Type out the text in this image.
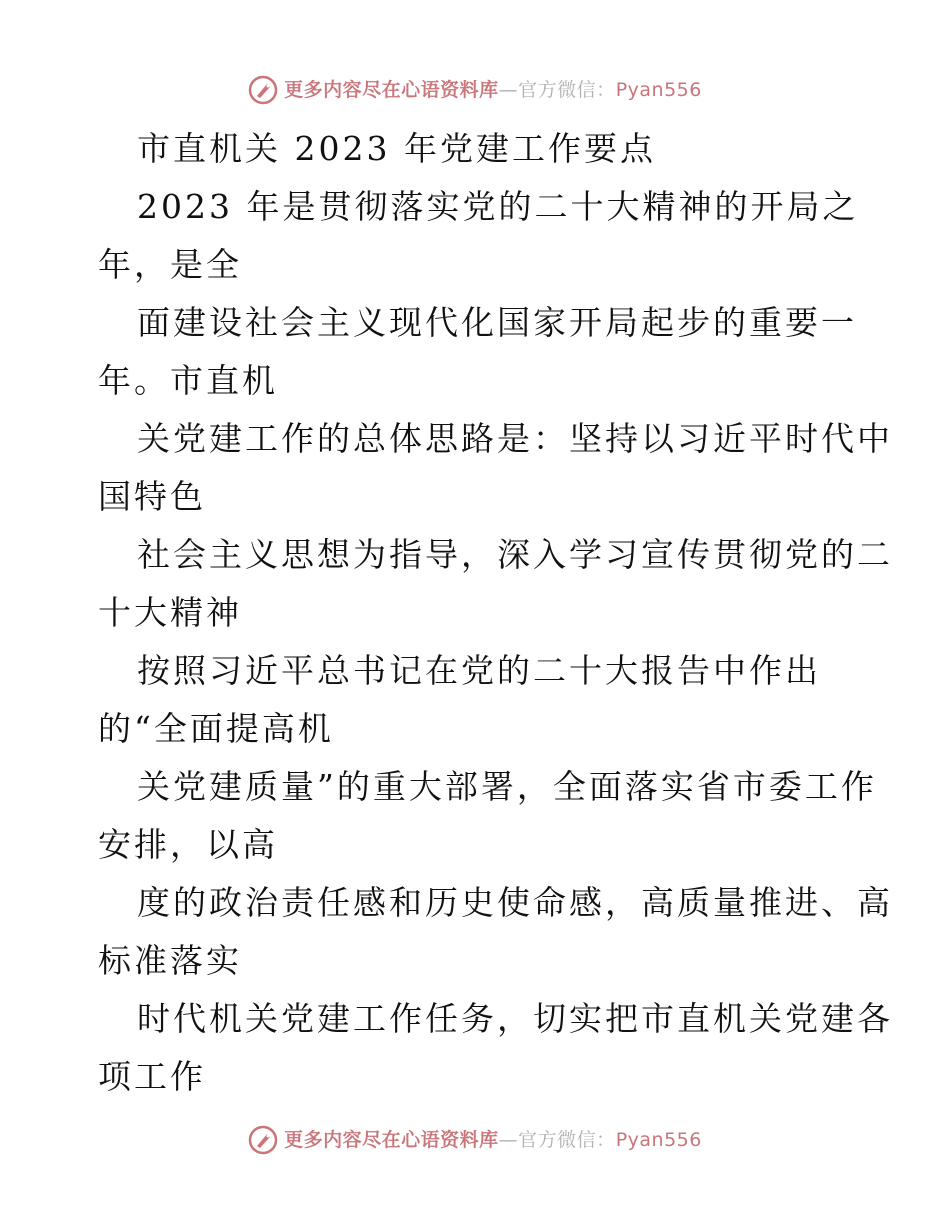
更多内容尽在心语资料库 — 官方微信： Pyan556
市直机关 2023 年党建工作要点
2023 年是贯彻落实党的二十大精神的开局之
年，是全
面建设社会主义现代化国家开局起步的重要一
年。市直机
关党建工作的总体思路是：坚持以习近平时代中
国特色
社会主义思想为指导，深入学习宣传贯彻党的二
十大精神
按照习近平总书记在党的二十大报告中作出
的“全面提高机
关党建质量”的重大部署，全面落实省市委工作
安排，以高
度的政治责任感和历史使命感，高质量推进、高
标准落实
时代机关党建工作任务，切实把市直机关党建各
项工作
更多内容尽在心语资料库 — 官方微信： Pyan556
